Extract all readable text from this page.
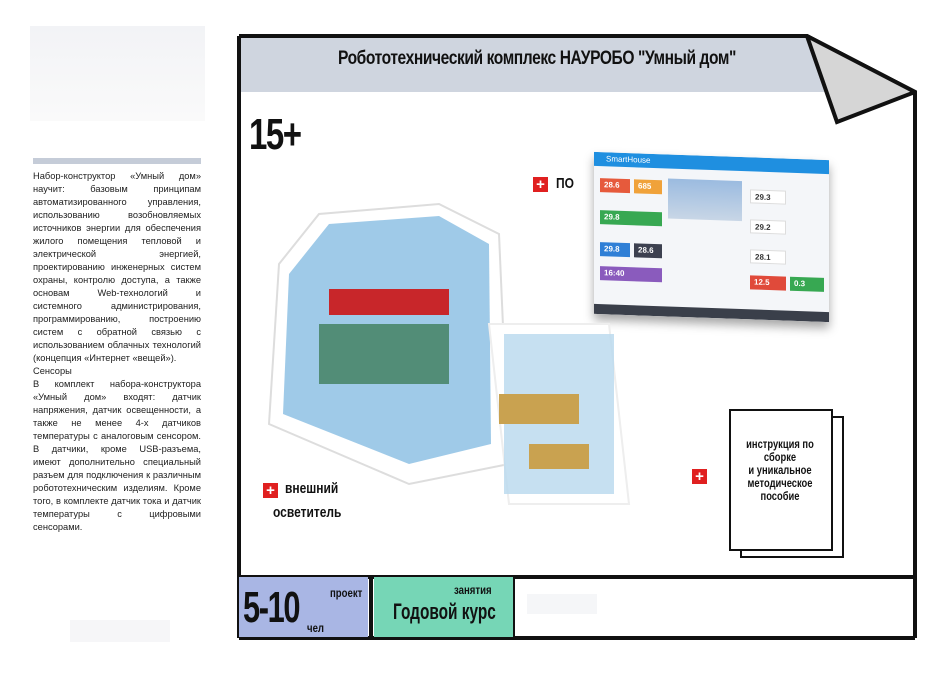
Набор-конструктор «Умный дом» научит: базовым принципам автоматизированного управления, использованию возобновляемых источников энергии для обеспечения жилого помещения тепловой и электрической энергией, проектированию инженерных систем охраны, контролю доступа, а также основам Web-технологий и системного администрирования, программированию, построению систем с обратной связью с использованием облачных технологий (концепция «Интернет «вещей»).
Сенсоры
В комплект набора-конструктора «Умный дом» входят: датчик напряжения, датчик освещенности, а также не менее 4-х датчиков температуры с аналоговым сенсором. В датчики, кроме USB-разъема, имеют дополнительно специальный разъем для подключения к различным робототехническим изделиям. Кроме того, в комплекте датчик тока и датчик температуры с цифровыми сенсорами.
Робототехнический комплекс НАУРОБО "Умный дом"
15+
+ ПО
SmartHouse
28.6	685
29.8
29.8	28.6
16:40
29.3
29.2
28.1
12.5	0.3
+ внешний
осветитель
+
инструкция по сборке
и уникальное
методическое
пособие
5-10 чел
проект	занятия
Годовой курс
